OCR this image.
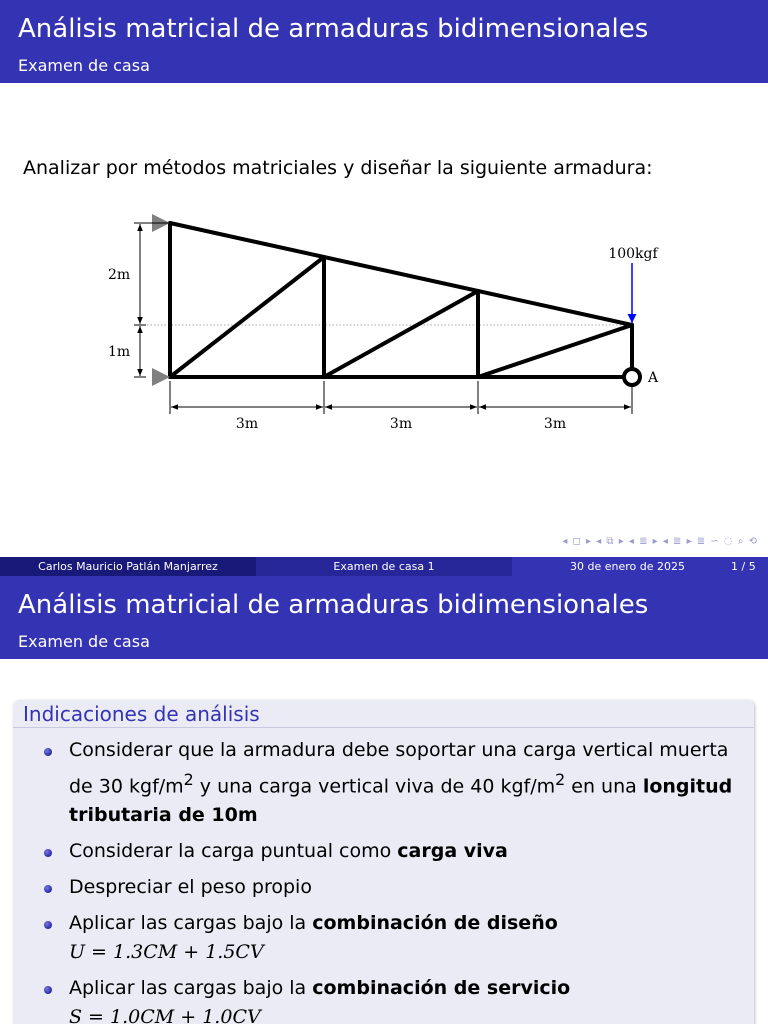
Análisis matricial de armaduras bidimensionales
Examen de casa
Analizar por métodos matriciales y diseñar la siguiente armadura:
A
100kgf
2m
1m
3m	3m	3m
◂ ◻ ▸ ◂ ⧉ ▸ ◂ ≣ ▸ ◂ ≣ ▸ ≣ ∽ ◌ ⌕ ⟲
Carlos Mauricio Patlán Manjarrez	Examen de casa 1	30 de enero de 2025	1 / 5
Análisis matricial de armaduras bidimensionales
Examen de casa
Indicaciones de análisis
Considerar que la armadura debe soportar una carga vertical muerta de 30 kgf/$m^2$ y una carga vertical viva de 40 kgf/$m^2$ en una longitud tributaria de 10m
Considerar la carga puntual como carga viva
Despreciar el peso propio
Aplicar las cargas bajo la combinación de diseño
U = 1.3CM + 1.5CV
Aplicar las cargas bajo la combinación de servicio
S = 1.0CM + 1.0CV
